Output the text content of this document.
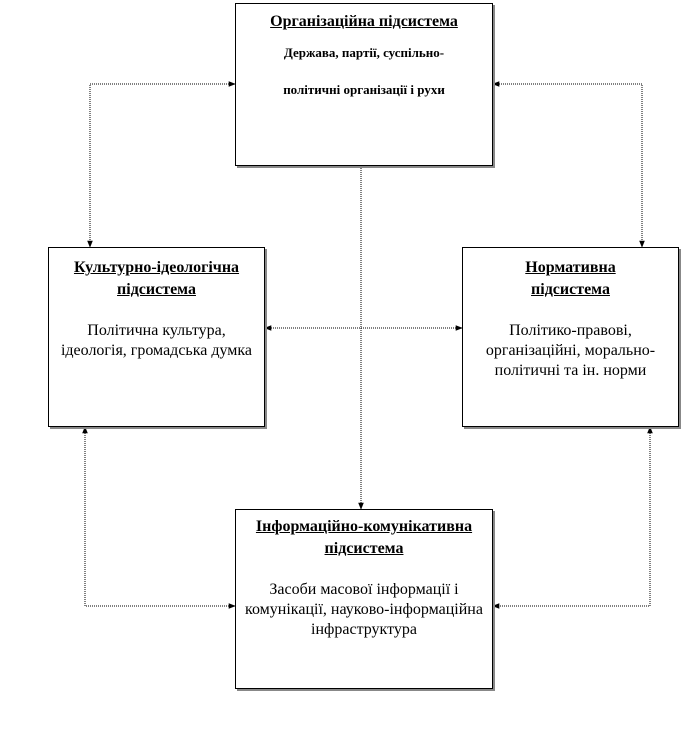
Організаційна підсистема
Держава, партії, суспільно-
політичні організації і рухи
Культурно-ідеологічна підсистема
Політична культура, ідеологія, громадська думка
Нормативна підсистема
Політико-правові, організаційні, морально-політичні та ін. норми
Інформаційно-комунікативна підсистема
Засоби масової інформації і комунікації, науково-інформаційна інфраструктура
